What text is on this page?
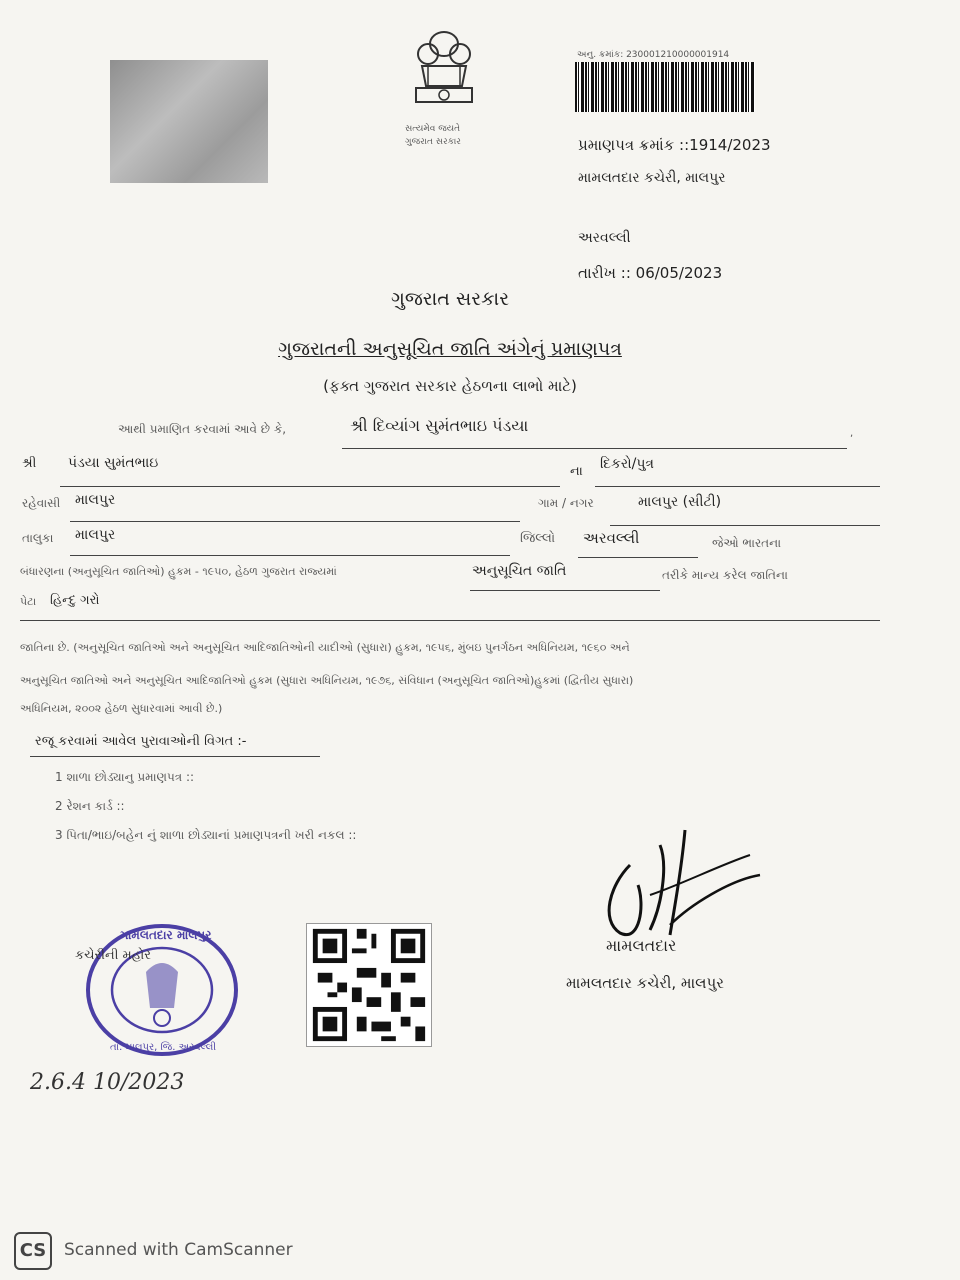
સત્યમેવ જયતે
ગુજરાત સરકાર
અનુ. ક્રમાંક: 230001210000001914
પ્રમાણપત્ર ક્રમાંક ::1914/2023
મામલતદાર કચેરી, માલપુર
અરવલ્લી
તારીખ :: 06/05/2023
ગુજરાત સરકાર
ગુજરાતની અનુસૂચિત જાતિ અંગેનું પ્રમાણપત્ર
(ફક્ત ગુજરાત સરકાર હેઠળના લાભો માટે)
આથી પ્રમાણિત કરવામાં આવે છે કે,	શ્રી દિવ્યાંગ સુમંતભાઇ પંડયા	,
શ્રી પંડયા સુમંતભાઇ
ના દિકરો/પુત્ર
રહેવાસી માલપુર	ગામ / નગર	માલપુર (સીટી)
તાલુકા માલપુર	જિલ્લો અરવલ્લી	જેઓ ભારતના
બંધારણના (અનુસૂચિત જાતિઓ) હુકમ - ૧૯૫૦, હેઠળ ગુજરાત રાજ્યમાં	અનુસૂચિત જાતિ	તરીકે માન્ય કરેલ જાતિના
પેટા હિન્દુ ગરો
જાતિના છે. (અનુસૂચિત જાતિઓ અને અનુસૂચિત આદિજાતિઓની યાદીઓ (સુધારા) હુકમ, ૧૯૫૬, મુંબઇ પુનર્ગઠન અધિનિયમ, ૧૯૬૦ અને
અનુસૂચિત જાતિઓ અને અનુસૂચિત આદિજાતિઓ હુકમ (સુધારા અધિનિયમ, ૧૯૭૬, સંવિધાન (અનુસૂચિત જાતિઓ)હુકમાં (દ્વિતીય સુધારા)
અધિનિયમ, ૨૦૦૨ હેઠળ સુધારવામાં આવી છે.)
રજૂ કરવામાં આવેલ પુરાવાઓની વિગત :-
1 શાળા છોડ્યાનુ પ્રમાણપત્ર ::
2 રેશન કાર્ડ ::
3 પિતા/ભાઇ/બહેન નું શાળા છોડ્યાનાં પ્રમાણપત્રની ખરી નકલ ::
મામલતદાર માલપુર
કચેરીની મહોર
તા. માલપુર, જિ. અરવલ્લી
2.6.4 10/2023
મામલતદાર
મામલતદાર કચેરી, માલપુર
CS	Scanned with CamScanner
